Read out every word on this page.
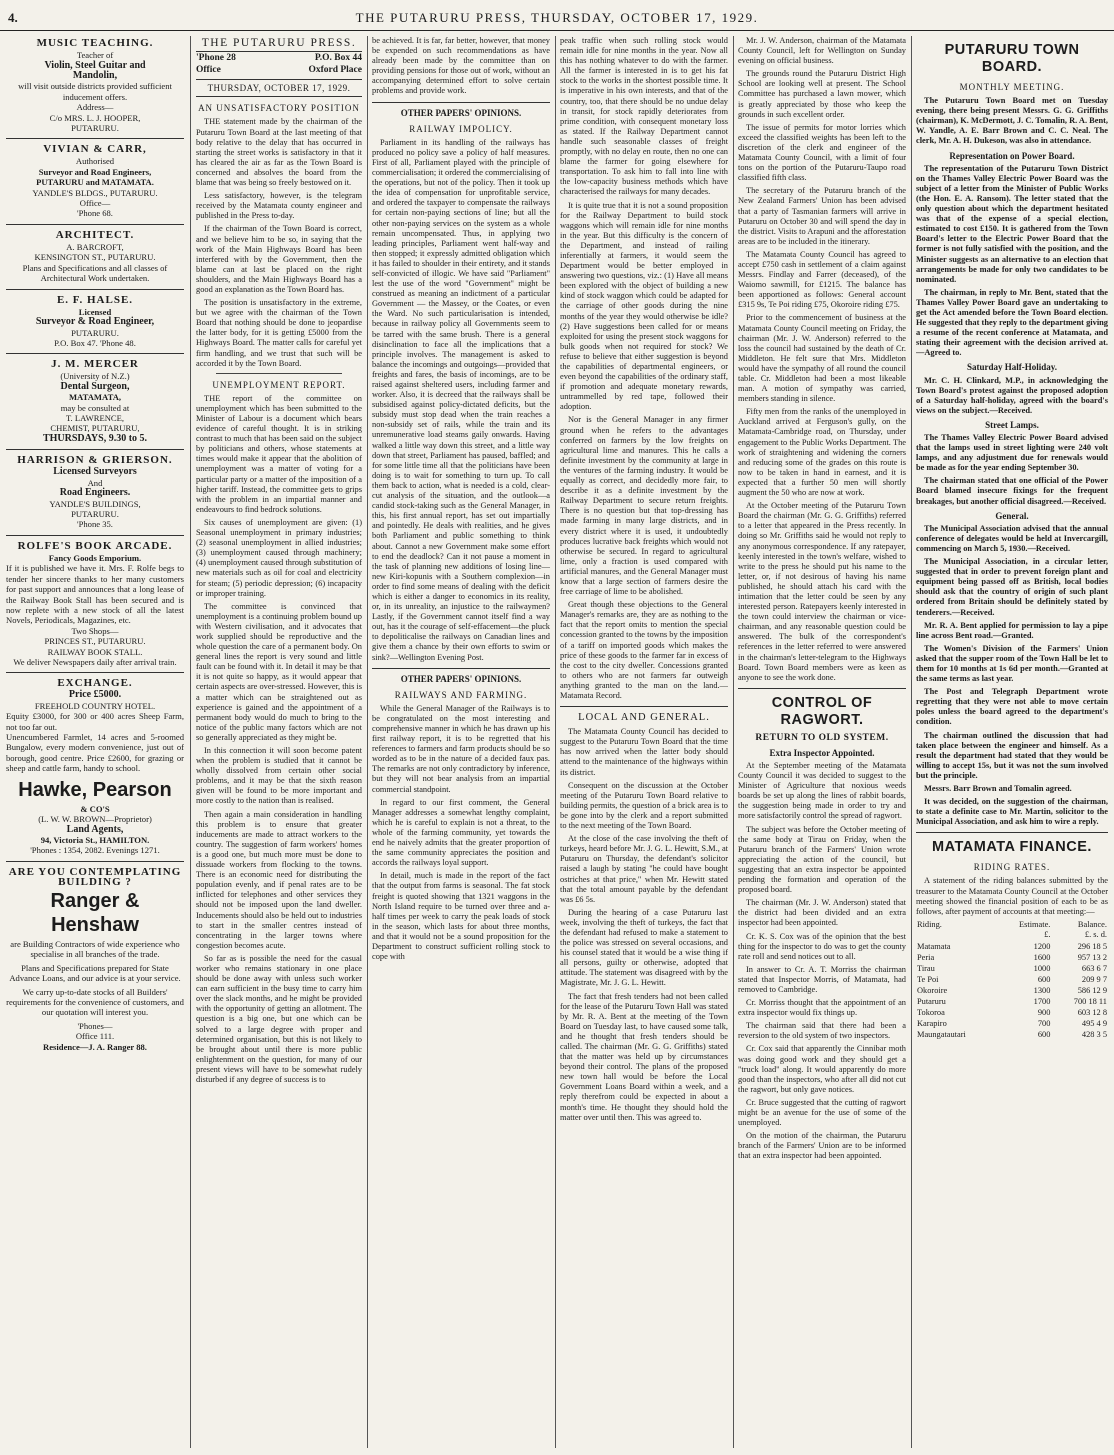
4.	THE PUTARURU PRESS, THURSDAY, OCTOBER 17, 1929.
MUSIC TEACHING.
Teacher of
Violin, Steel Guitar and
Mandolin,
will visit outside districts provided sufficient inducement offers.
Address—
C/o MRS. L. J. HOOPER,
PUTARURU.
VIVIAN & CARR,
Authorised
Surveyor and Road Engineers,
PUTARURU and MATAMATA.
YANDLE'S BLDGS., PUTARURU.
Office—
'Phone 68.
ARCHITECT.
A. BARCROFT,
KENSINGTON ST., PUTARURU.
Plans and Specifications and all classes of Architectural Work undertaken.
E. F. HALSE.
Licensed
Surveyor & Road Engineer,
PUTARURU.
P.O. Box 47. 'Phone 48.
J. M. MERCER
(University of N.Z.)
Dental Surgeon,
MATAMATA,
may be consulted at
T. LAWRENCE,
CHEMIST, PUTARURU,
THURSDAYS, 9.30 to 5.
HARRISON & GRIERSON.
Licensed Surveyors
And
Road Engineers.
YANDLE'S BUILDINGS,
PUTARURU.
'Phone 35.
ROLFE'S BOOK ARCADE.
Fancy Goods Emporium.
If it is published we have it. Mrs. F. Rolfe begs to tender her sincere thanks to her many customers for past support and announces that a long lease of the Railway Book Stall has been secured and is now replete with a new stock of all the latest Novels, Periodicals, Magazines, etc.
Two Shops—
PRINCES ST., PUTARURU.
RAILWAY BOOK STALL.
We deliver Newspapers daily after arrival train.
EXCHANGE.
Price £5000.
FREEHOLD COUNTRY HOTEL.
Equity £3000, for 300 or 400 acres Sheep Farm, not too far out.
Unencumbered Farmlet, 14 acres and 5-roomed Bungalow, every modern convenience, just out of borough, good centre. Price £2600, for grazing or sheep and cattle farm, handy to school.
Hawke, Pearson
& CO'S
(L. W. W. BROWN—Proprietor)
Land Agents,
94, Victoria St., HAMILTON.
'Phones : 1354, 2082. Evenings 1271.
ARE YOU CONTEMPLATING BUILDING ?
Ranger & Henshaw
are Building Contractors of wide experience who specialise in all branches of the trade.
Plans and Specifications prepared for State Advance Loans, and our advice is at your service.
We carry up-to-date stocks of all Builders' requirements for the convenience of customers, and our quotation will interest you.
'Phones—
Office 111.
Residence—J. A. Ranger 88.
THE PUTARURU PRESS.
'Phone 28	P.O. Box 44
Office	Oxford Place
THURSDAY, OCTOBER 17, 1929.
AN UNSATISFACTORY POSITION

THE statement made by the chairman of the Putaruru Town Board at the last meeting of that body relative to the delay that has occurred in starting the street works is satisfactory in that it has cleared the air as far as the Town Board is concerned and absolves the board from the blame that was being so freely bestowed on it.

Less satisfactory, however, is the telegram received by the Matamata county engineer and published in the Press to-day.

If the chairman of the Town Board is correct, and we believe him to be so, in saying that the work of the Main Highways Board has been interfered with by the Government, then the blame can at last be placed on the right shoulders, and the Main Highways Board has a good an explanation as the Town Board has.

The position is unsatisfactory in the extreme, but we agree with the chairman of the Town Board that nothing should be done to jeopardise the latter body, for it is getting £5000 from the Highways Board. The matter calls for careful yet firm handling, and we trust that such will be accorded it by the Town Board.

UNEMPLOYMENT REPORT.

THE report of the committee on unemployment which has been submitted to the Minister of Labour is a document which bears evidence of careful thought. It is in striking contrast to much that has been said on the subject by politicians and others, whose statements at times would make it appear that the abolition of unemployment was a matter of voting for a particular party or a matter of the imposition of a higher tariff. Instead, the committee gets to grips with the problem in an impartial manner and endeavours to find bedrock solutions.

Six causes of unemployment are given: (1) Seasonal unemployment in primary industries; (2) seasonal unemployment in allied industries; (3) unemployment caused through machinery; (4) unemployment caused through substitution of new materials such as oil for coal and electricity for steam; (5) periodic depression; (6) incapacity or improper training.

The committee is convinced that unemployment is a continuing problem bound up with Western civilisation, and it advocates that work supplied should be reproductive and the whole question the care of a permanent body. On general lines the report is very sound and little fault can be found with it. In detail it may be that it is not quite so happy, as it would appear that certain aspects are over-stressed. However, this is a matter which can be straightened out as experience is gained and the appointment of a permanent body would do much to bring to the notice of the public many factors which are not so generally appreciated as they might be.

In this connection it will soon become patent when the problem is studied that it cannot be wholly dissolved from certain other social problems, and it may be that the sixth reason given will be found to be more important and more costly to the nation than is realised.

Then again a main consideration in handling this problem is to ensure that greater inducements are made to attract workers to the country. The suggestion of farm workers' homes is a good one, but much more must be done to dissuade workers from flocking to the towns. There is an economic need for distributing the population evenly, and if penal rates are to be inflicted for telephones and other services they should not be imposed upon the land dweller. Inducements should also be held out to industries to start in the smaller centres instead of concentrating in the larger towns where congestion becomes acute.

So far as is possible the need for the casual worker who remains stationary in one place should be done away with unless such worker can earn sufficient in the busy time to carry him over the slack months, and he might be provided with the opportunity of getting an allotment. The question is a big one, but one which can be solved to a large degree with proper and determined organisation, but this is not likely to be brought about until there is more public enlightenment on the question, for many of our present views will have to be somewhat rudely disturbed if any degree of success is to

be achieved. It is far, far better, however, that money be expended on such recommendations as have already been made by the committee than on providing pensions for those out of work, without an accompanying determined effort to solve certain problems and provide work.

OTHER PAPERS' OPINIONS.
RAILWAY IMPOLICY.

Parliament in its handling of the railways has produced no policy save a policy of half measures. First of all, Parliament played with the principle of commercialisation; it ordered the commercialising of the operations, but not of the policy. Then it took up the idea of compensation for unprofitable service, and ordered the taxpayer to compensate the railways for certain non-paying sections of line; but all the other non-paying services on the system as a whole remain uncompensated. Thus, in applying two leading principles, Parliament went half-way and then stopped; it expressly admitted obligation which it has failed to shoulder in their entirety, and it stands self-convicted of illogic. We have said "Parliament" lest the use of the word "Government" might be construed as meaning an indictment of a particular Government — the Massey, or the Coates, or even the Ward. No such particularisation is intended, because in railway policy all Governments seem to be tarred with the same brush. There is a general disinclination to face all the implications that a principle involves. The management is asked to balance the incomings and outgoings—provided that freights and fares, the basis of incomings, are to be raised against sheltered users, including farmer and worker. Also, it is decreed that the railways shall be subsidised against policy-dictated deficits, but the subsidy must stop dead when the train reaches a non-subsidy set of rails, while the train and its unremunerative load steams gaily onwards. Having walked a little way down this street, and a little way down that street, Parliament has paused, baffled; and for some little time all that the politicians have been doing is to wait for something to turn up. To call them back to action, what is needed is a cold, clear-cut analysis of the situation, and the outlook—a candid stock-taking such as the General Manager, in this, his first annual report, has set out impartially and pointedly. He deals with realities, and he gives both Parliament and public something to think about. Cannot a new Government make some effort to end the deadlock? Can it not pause a moment in the task of planning new additions of losing line—new Kiri-kopunis with a Southern complexion—in order to find some means of dealing with the deficit which is either a danger to economics in its reality, or, in its unreality, an injustice to the railwaymen? Lastly, if the Government cannot itself find a way out, has it the courage of self-effacement—the pluck to depoliticalise the railways on Canadian lines and give them a chance by their own efforts to swim or sink?—Wellington Evening Post.

OTHER PAPERS' OPINIONS.
RAILWAYS AND FARMING.

While the General Manager of the Railways is to be congratulated on the most interesting and comprehensive manner in which he has drawn up his first railway report, it is to be regretted that his references to farmers and farm products should be so worded as to be in the nature of a decided faux pas. The remarks are not only contradictory by inference, but they will not bear analysis from an impartial commercial standpoint.

In regard to our first comment, the General Manager addresses a somewhat lengthy complaint, which he is careful to explain is not a threat, to the whole of the farming community, yet towards the end he naively admits that the greater proportion of the same community appreciates the position and accords the railways loyal support.

In detail, much is made in the report of the fact that the output from farms is seasonal. The fat stock freight is quoted showing that 1321 waggons in the North Island require to be turned over three and a-half times per week to carry the peak loads of stock in the season, which lasts for about three months, and that it would not be a sound proposition for the Department to construct sufficient rolling stock to cope with

peak traffic when such rolling stock would remain idle for nine months in the year. Now all this has nothing whatever to do with the farmer. All the farmer is interested in is to get his fat stock to the works in the shortest possible time. It is imperative in his own interests, and that of the country, too, that there should be no undue delay in transit, for stock rapidly deteriorates from prime condition, with consequent monetary loss as stated. If the Railway Department cannot handle such seasonable classes of freight promptly, with no delay en route, then no one can blame the farmer for going elsewhere for transportation. To ask him to fall into line with the low-capacity business methods which have characterised the railways for many decades.

It is quite true that it is not a sound proposition for the Railway Department to build stock waggons which will remain idle for nine months in the year. But this difficulty is the concern of the Department, and instead of railing inferentially at farmers, it would seem the Department would be better employed in answering two questions, viz.: (1) Have all means been explored with the object of building a new kind of stock waggon which could be adapted for the carriage of other goods during the nine months of the year they would otherwise be idle? (2) Have suggestions been called for or means exploited for using the present stock waggons for bulk goods when not required for stock? We refuse to believe that either suggestion is beyond the capabilities of departmental engineers, or even beyond the capabilities of the ordinary staff, if promotion and adequate monetary rewards, untrammelled by red tape, followed their adoption.

Nor is the General Manager in any firmer ground when he refers to the advantages conferred on farmers by the low freights on agricultural lime and manures. This he calls a definite investment by the community at large in the ventures of the farming industry. It would be equally as correct, and decidedly more fair, to describe it as a definite investment by the Railway Department to secure return freights. There is no question but that top-dressing has made farming in many large districts, and in every district where it is used, it undoubtedly produces lucrative back freights which would not otherwise be secured. In regard to agricultural lime, only a fraction is used compared with artificial manures, and the General Manager must know that a large section of farmers desire the free carriage of lime to be abolished.

Great though these objections to the General Manager's remarks are, they are as nothing to the fact that the report omits to mention the special concession granted to the towns by the imposition of a tariff on imported goods which makes the price of these goods to the farmer far in excess of the cost to the city dweller. Concessions granted to others who are not farmers far outweigh anything granted to the man on the land.—Matamata Record.

LOCAL AND GENERAL.

The Matamata County Council has decided to suggest to the Putaruru Town Board that the time has now arrived when the latter body should attend to the maintenance of the highways within its district.

Consequent on the discussion at the October meeting of the Putaruru Town Board relative to building permits, the question of a brick area is to be gone into by the clerk and a report submitted to the next meeting of the Town Board.

At the close of the case involving the theft of turkeys, heard before Mr. J. G. L. Hewitt, S.M., at Putaruru on Thursday, the defendant's solicitor raised a laugh by stating "he could have bought ostriches at that price," when Mr. Hewitt stated that the total amount payable by the defendant was £6 5s.

During the hearing of a case Putaruru last week, involving the theft of turkeys, the fact that the defendant had refused to make a statement to the police was stressed on several occasions, and his counsel stated that it would be a wise thing if all persons, guilty or otherwise, adopted that attitude. The statement was disagreed with by the Magistrate, Mr. J. G. L. Hewitt.

The fact that fresh tenders had not been called for the lease of the Putaruru Town Hall was stated by Mr. R. A. Bent at the meeting of the Town Board on Tuesday last, to have caused some talk, and he thought that fresh tenders should be called. The chairman (Mr. G. G. Griffiths) stated that the matter was held up by circumstances beyond their control. The plans of the proposed new town hall would be before the Local Government Loans Board within a week, and a reply therefrom could be expected in about a month's time. He thought they should hold the matter over until then. This was agreed to.

Mr. J. W. Anderson, chairman of the Matamata County Council, left for Wellington on Sunday evening on official business.

The grounds round the Putaruru District High School are looking well at present. The School Committee has purchased a lawn mower, which is greatly appreciated by those who keep the grounds in such excellent order.

The issue of permits for motor lorries which exceed the classified weights has been left to the discretion of the clerk and engineer of the Matamata County Council, with a limit of four tons on the portion of the Putaruru-Taupo road classified fifth class.

The secretary of the Putaruru branch of the New Zealand Farmers' Union has been advised that a party of Tasmanian farmers will arrive in Putaruru on October 30 and will spend the day in the district. Visits to Arapuni and the afforestation areas are to be included in the itinerary.

The Matamata County Council has agreed to accept £750 cash in settlement of a claim against Messrs. Findlay and Farrer (deceased), of the Waiomo sawmill, for £1215. The balance has been apportioned as follows: General account £315 9s, Te Poi riding £75, Okoroire riding £75.

Prior to the commencement of business at the Matamata County Council meeting on Friday, the chairman (Mr. J. W. Anderson) referred to the loss the council had sustained by the death of Cr. Middleton. He felt sure that Mrs. Middleton would have the sympathy of all round the council table. Cr. Middleton had been a most likeable man. A motion of sympathy was carried, members standing in silence.

Fifty men from the ranks of the unemployed in Auckland arrived at Ferguson's gully, on the Matamata-Cambridge road, on Thursday, under engagement to the Public Works Department. The work of straightening and widening the corners and reducing some of the grades on this route is now to be taken in hand in earnest, and it is expected that a further 50 men will shortly augment the 50 who are now at work.

At the October meeting of the Putaruru Town Board the chairman (Mr. G. G. Griffiths) referred to a letter that appeared in the Press recently. In doing so Mr. Griffiths said he would not reply to any anonymous correspondence. If any ratepayer, keenly interested in the town's welfare, wished to write to the press he should put his name to the letter, or, if not desirous of having his name published, he should attach his card with the intimation that the letter could be seen by any interested person. Ratepayers keenly interested in the town could interview the chairman or vice-chairman, and any reasonable question could be answered. The bulk of the correspondent's references in the letter referred to were answered in the chairman's letter-telegram to the Highways Board. Town Board members were as keen as anyone to see the work done.

CONTROL OF RAGWORT.
RETURN TO OLD SYSTEM.
Extra Inspector Appointed.

At the September meeting of the Matamata County Council it was decided to suggest to the Minister of Agriculture that noxious weeds boards be set up along the lines of rabbit boards, the suggestion being made in order to try and more satisfactorily control the spread of ragwort.

The subject was before the October meeting of the same body at Tirau on Friday, when the Putaruru branch of the Farmers' Union wrote appreciating the action of the council, but suggesting that an extra inspector be appointed pending the formation and operation of the proposed board.

The chairman (Mr. J. W. Anderson) stated that the district had been divided and an extra inspector had been appointed.

Cr. K. S. Cox was of the opinion that the best thing for the inspector to do was to get the county rate roll and send notices out to all.

In answer to Cr. A. T. Morriss the chairman stated that Inspector Morris, of Matamata, had removed to Cambridge.

Cr. Morriss thought that the appointment of an extra inspector would fix things up.

The chairman said that there had been a reversion to the old system of two inspectors.

Cr. Cox said that apparently the Cinnibar moth was doing good work and they should get a "truck load" along. It would apparently do more good than the inspectors, who after all did not cut the ragwort, but only gave notices.

Cr. Bruce suggested that the cutting of ragwort might be an avenue for the use of some of the unemployed.

On the motion of the chairman, the Putaruru branch of the Farmers' Union are to be informed that an extra inspector had been appointed.

PUTARURU TOWN BOARD.
MONTHLY MEETING.

The Putaruru Town Board met on Tuesday evening, there being present Messrs. G. G. Griffiths (chairman), K. McDermott, J. C. Tomalin, R. A. Bent, W. Yandle, A. E. Barr Brown and C. C. Neal. The clerk, Mr. A. H. Dukeson, was also in attendance.

Representation on Power Board.

The representation of the Putaruru Town District on the Thames Valley Electric Power Board was the subject of a letter from the Minister of Public Works (the Hon. E. A. Ransom). The letter stated that the only question about which the department hesitated was that of the expense of a special election, estimated to cost £150. It is gathered from the Town Board's letter to the Electric Power Board that the former is not fully satisfied with the position, and the Minister suggests as an alternative to an election that arrangements be made for only two candidates to be nominated.

The chairman, in reply to Mr. Bent, stated that the Thames Valley Power Board gave an undertaking to get the Act amended before the Town Board election. He suggested that they reply to the department giving a resume of the recent conference at Matamata, and stating their agreement with the decision arrived at.—Agreed to.

Saturday Half-Holiday.

Mr. C. H. Clinkard, M.P., in acknowledging the Town Board's protest against the proposed adoption of a Saturday half-holiday, agreed with the board's views on the subject.—Received.

Street Lamps.

The Thames Valley Electric Power Board advised that the lamps used in street lighting were 240 volt lamps, and any adjustment due for renewals would be made as for the year ending September 30.

The chairman stated that one official of the Power Board blamed insecure fixings for the frequent breakages, but another official disagreed.—Received.

General.

The Municipal Association advised that the annual conference of delegates would be held at Invercargill, commencing on March 5, 1930.—Received.

The Municipal Association, in a circular letter, suggested that in order to prevent foreign plant and equipment being passed off as British, local bodies should ask that the country of origin of such plant ordered from Britain should be definitely stated by tenderers.—Received.

Mr. R. A. Bent applied for permission to lay a pipe line across Bent road.—Granted.

The Women's Division of the Farmers' Union asked that the supper room of the Town Hall be let to them for 10 months at 1s 6d per month.—Granted at the same terms as last year.

The Post and Telegraph Department wrote regretting that they were not able to move certain poles unless the board agreed to the department's condition.

The chairman outlined the discussion that had taken place between the engineer and himself. As a result the department had stated that they would be willing to accept 15s, but it was not the sum involved but the principle.

Messrs. Barr Brown and Tomalin agreed.

It was decided, on the suggestion of the chairman, to state a definite case to Mr. Martin, solicitor to the Municipal Association, and ask him to wire a reply.

MATAMATA FINANCE.
RIDING RATES.

A statement of the riding balances submitted by the treasurer to the Matamata County Council at the October meeting showed the financial position of each to be as follows, after payment of accounts at that meeting:—

Riding.	Estimate.	Balance.
	£.	£. s. d.
Matamata	1200	296 18 5
Peria	1600	957 13 2
Tirau	1000	663 6 7
Te Poi	600	209 9 7
Okoroire	1300	586 12 9
Putaruru	1700	700 18 11
Tokoroa	900	603 12 8
Karapiro	700	495 4 9
Maungatautari	600	428 3 5
